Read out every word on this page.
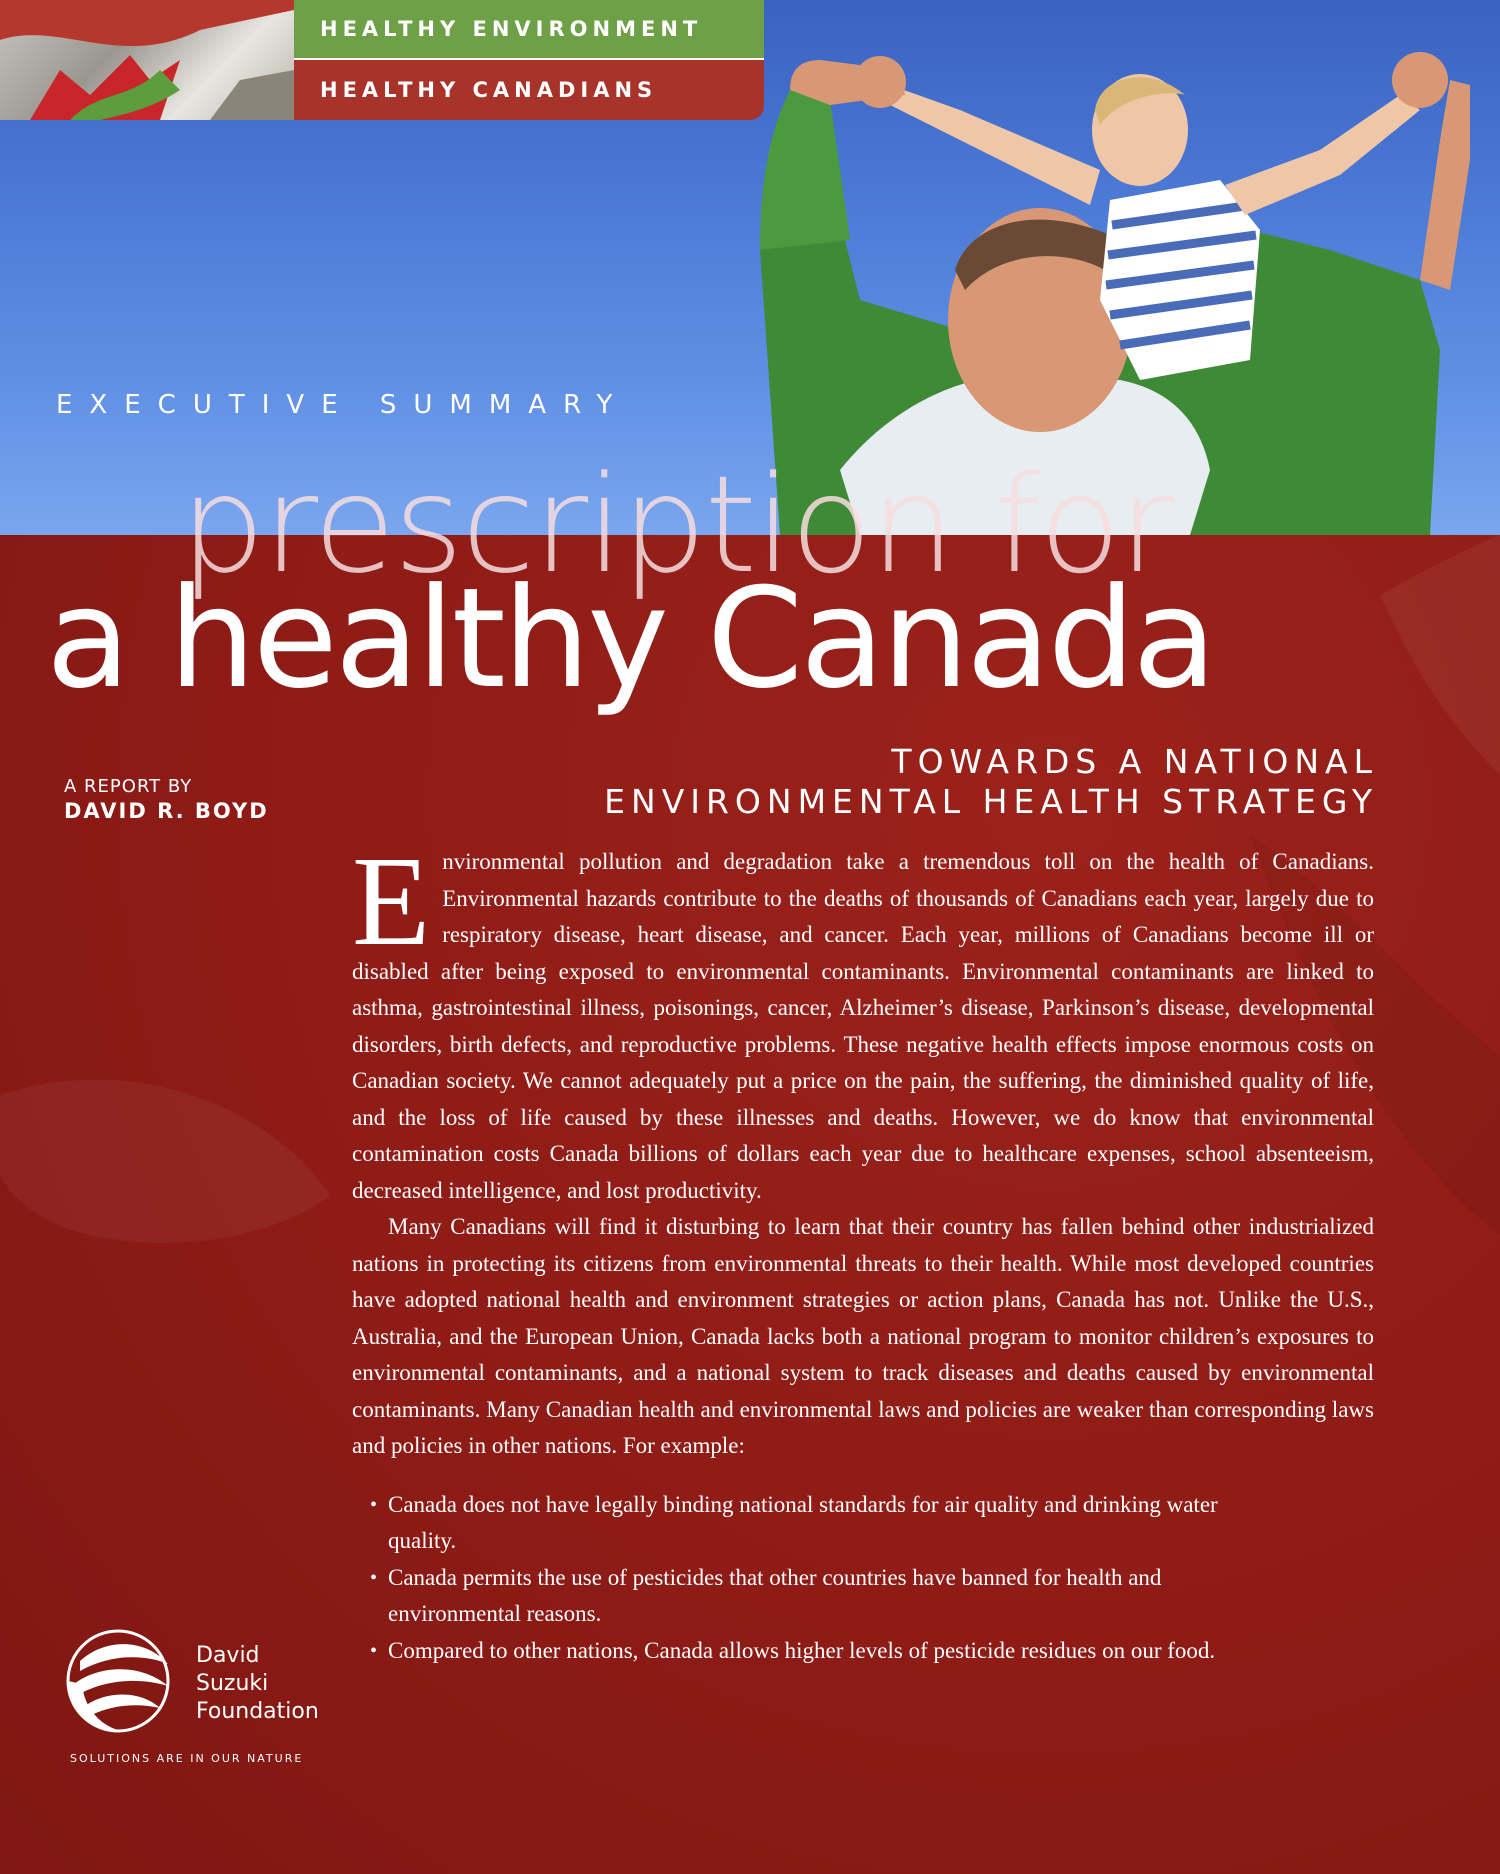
HEALTHY ENVIRONMENT
HEALTHY CANADIANS
EXECUTIVE SUMMARY
prescription for
a healthy Canada
TOWARDS A NATIONAL
ENVIRONMENTAL HEALTH STRATEGY
A REPORT BY
DAVID R. BOYD

Environmental pollution and degradation take a tremendous toll on the health of Canadians. Environmental hazards contribute to the deaths of thousands of Canadians each year, largely due to respiratory disease, heart disease, and cancer. Each year, millions of Canadians become ill or disabled after being exposed to environmental contaminants. Environmental contaminants are linked to asthma, gastrointestinal illness, poisonings, cancer, Alzheimer’s disease, Parkinson’s disease, developmental disorders, birth defects, and reproductive problems. These negative health effects impose enormous costs on Canadian society. We cannot adequately put a price on the pain, the suffering, the diminished quality of life, and the loss of life caused by these illnesses and deaths. However, we do know that environmental contamination costs Canada billions of dollars each year due to healthcare expenses, school absenteeism, decreased intelligence, and lost productivity.

Many Canadians will find it disturbing to learn that their country has fallen behind other industrialized nations in protecting its citizens from environmental threats to their health. While most developed countries have adopted national health and environment strategies or action plans, Canada has not. Unlike the U.S., Australia, and the European Union, Canada lacks both a national program to monitor children’s exposures to environmental contaminants, and a national system to track diseases and deaths caused by environmental contaminants. Many Canadian health and environmental laws and policies are weaker than corresponding laws and policies in other nations. For example:

• Canada does not have legally binding national standards for air quality and drinking water quality.
• Canada permits the use of pesticides that other countries have banned for health and environmental reasons.
• Compared to other nations, Canada allows higher levels of pesticide residues on our food.
David
Suzuki
Foundation
SOLUTIONS ARE IN OUR NATURE
